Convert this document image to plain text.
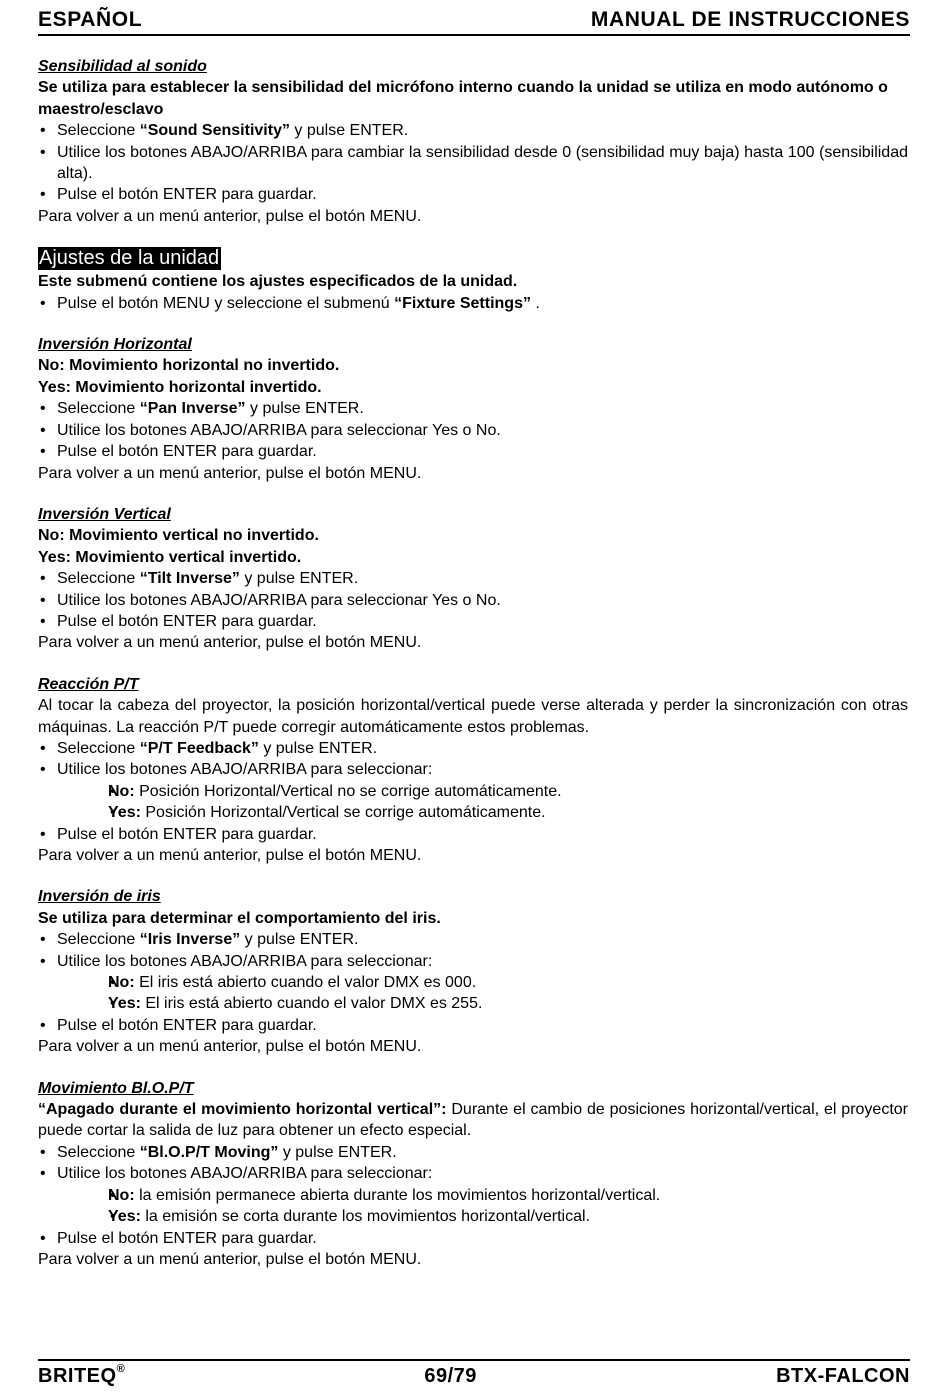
ESPAÑOL	MANUAL DE INSTRUCCIONES
Sensibilidad al sonido
Se utiliza para establecer la sensibilidad del micrófono interno cuando la unidad se utiliza en modo autónomo o maestro/esclavo
• Seleccione “Sound Sensitivity” y pulse ENTER.
• Utilice los botones ABAJO/ARRIBA para cambiar la sensibilidad desde 0 (sensibilidad muy baja) hasta 100 (sensibilidad alta).
• Pulse el botón ENTER para guardar.
Para volver a un menú anterior, pulse el botón MENU.
Ajustes de la unidad
Este submenú contiene los ajustes especificados de la unidad.
• Pulse el botón MENU y seleccione el submenú “Fixture Settings” .
Inversión Horizontal
No: Movimiento horizontal no invertido.
Yes: Movimiento horizontal invertido.
• Seleccione “Pan Inverse” y pulse ENTER.
• Utilice los botones ABAJO/ARRIBA para seleccionar Yes o No.
• Pulse el botón ENTER para guardar.
Para volver a un menú anterior, pulse el botón MENU.
Inversión Vertical
No: Movimiento vertical no invertido.
Yes: Movimiento vertical invertido.
• Seleccione “Tilt Inverse” y pulse ENTER.
• Utilice los botones ABAJO/ARRIBA para seleccionar Yes o No.
• Pulse el botón ENTER para guardar.
Para volver a un menú anterior, pulse el botón MENU.
Reacción P/T
Al tocar la cabeza del proyector, la posición horizontal/vertical puede verse alterada y perder la sincronización con otras máquinas. La reacción P/T puede corregir automáticamente estos problemas.
• Seleccione “P/T Feedback” y pulse ENTER.
• Utilice los botones ABAJO/ARRIBA para seleccionar:
• No: Posición Horizontal/Vertical no se corrige automáticamente.
• Yes: Posición Horizontal/Vertical se corrige automáticamente.
• Pulse el botón ENTER para guardar.
Para volver a un menú anterior, pulse el botón MENU.
Inversión de iris
Se utiliza para determinar el comportamiento del iris.
• Seleccione “Iris Inverse” y pulse ENTER.
• Utilice los botones ABAJO/ARRIBA para seleccionar:
• No: El iris está abierto cuando el valor DMX es 000.
• Yes: El iris está abierto cuando el valor DMX es 255.
• Pulse el botón ENTER para guardar.
Para volver a un menú anterior, pulse el botón MENU.
Movimiento Bl.O.P/T
“Apagado durante el movimiento horizontal vertical”: Durante el cambio de posiciones horizontal/vertical, el proyector puede cortar la salida de luz para obtener un efecto especial.
• Seleccione “Bl.O.P/T Moving” y pulse ENTER.
• Utilice los botones ABAJO/ARRIBA para seleccionar:
• No: la emisión permanece abierta durante los movimientos horizontal/vertical.
• Yes: la emisión se corta durante los movimientos horizontal/vertical.
• Pulse el botón ENTER para guardar.
Para volver a un menú anterior, pulse el botón MENU.
BRITEQ®	69/79	BTX-FALCON
